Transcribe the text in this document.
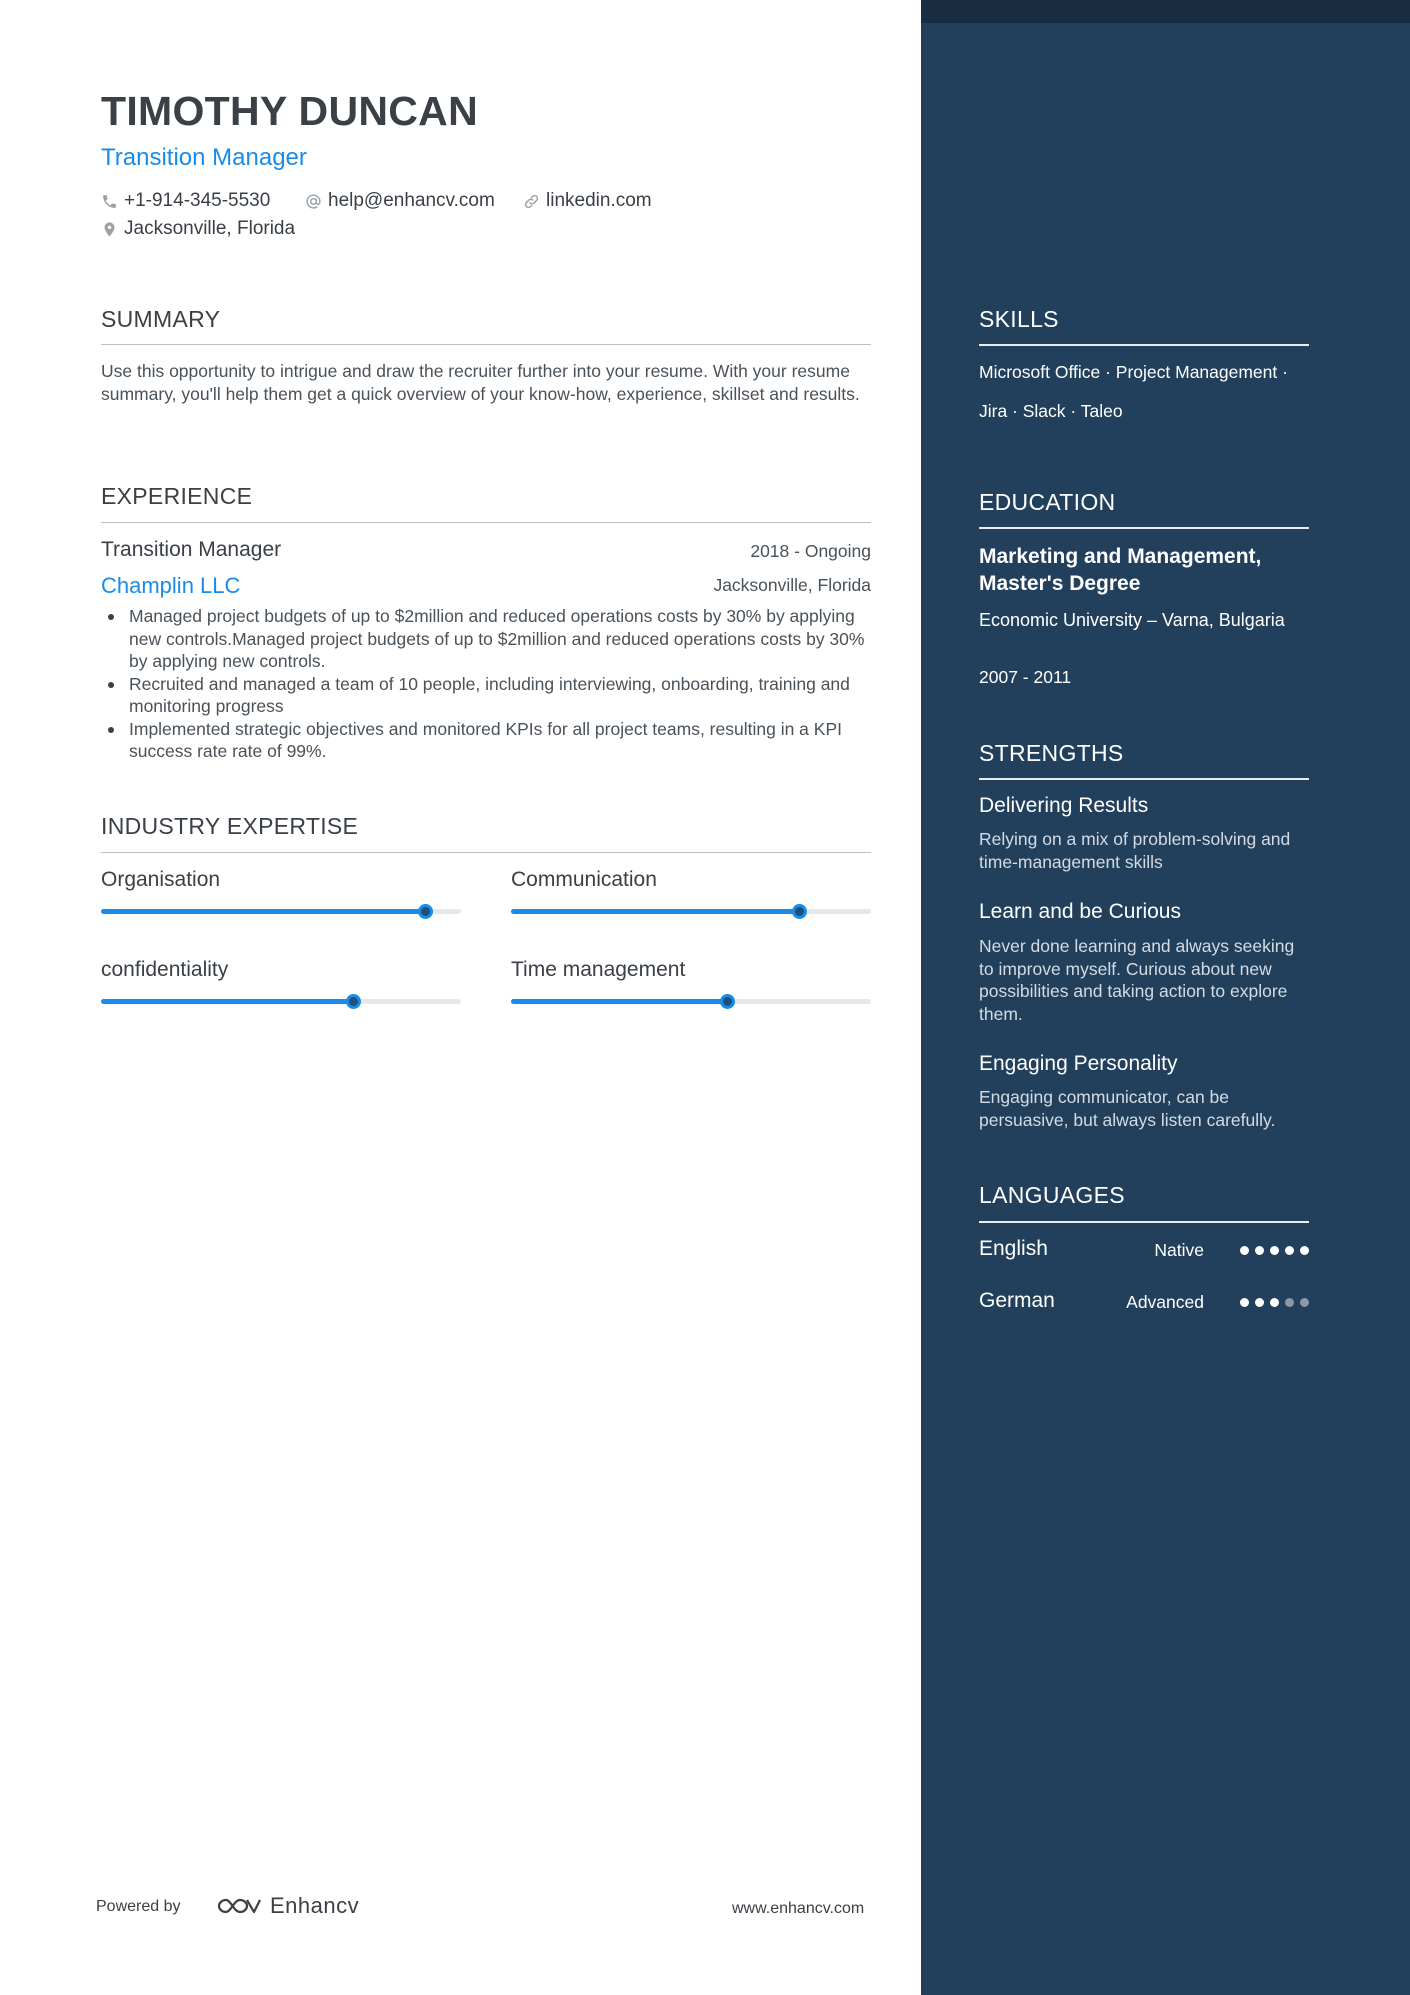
TIMOTHY DUNCAN
Transition Manager
+1-914-345-5530	help@enhancv.com	linkedin.com
Jacksonville, Florida
SUMMARY

Use this opportunity to intrigue and draw the recruiter further into your resume. With your resume summary, you'll help them get a quick overview of your know-how, experience, skillset and results.

EXPERIENCE
Transition Manager	2018 - Ongoing
Champlin LLC	Jacksonville, Florida
Managed project budgets of up to $2million and reduced operations costs by 30% by applying new controls.Managed project budgets of up to $2million and reduced operations costs by 30% by applying new controls.
Recruited and managed a team of 10 people, including interviewing, onboarding, training and monitoring progress
Implemented strategic objectives and monitored KPIs for all project teams, resulting in a KPI success rate rate of 99%.
INDUSTRY EXPERTISE
Organisation	Communication
confidentiality	Time management
Powered by	Enhancv	www.enhancv.com
SKILLS
Microsoft Office · Project Management ·
Jira · Slack · Taleo
EDUCATION

Marketing and Management, Master's Degree

Economic University – Varna, Bulgaria

2007 - 2011
STRENGTHS
Delivering Results

Relying on a mix of problem-solving and time-management skills

Learn and be Curious

Never done learning and always seeking to improve myself. Curious about new possibilities and taking action to explore them.

Engaging Personality

Engaging communicator, can be persuasive, but always listen carefully.

LANGUAGES
English	Native
German	Advanced
